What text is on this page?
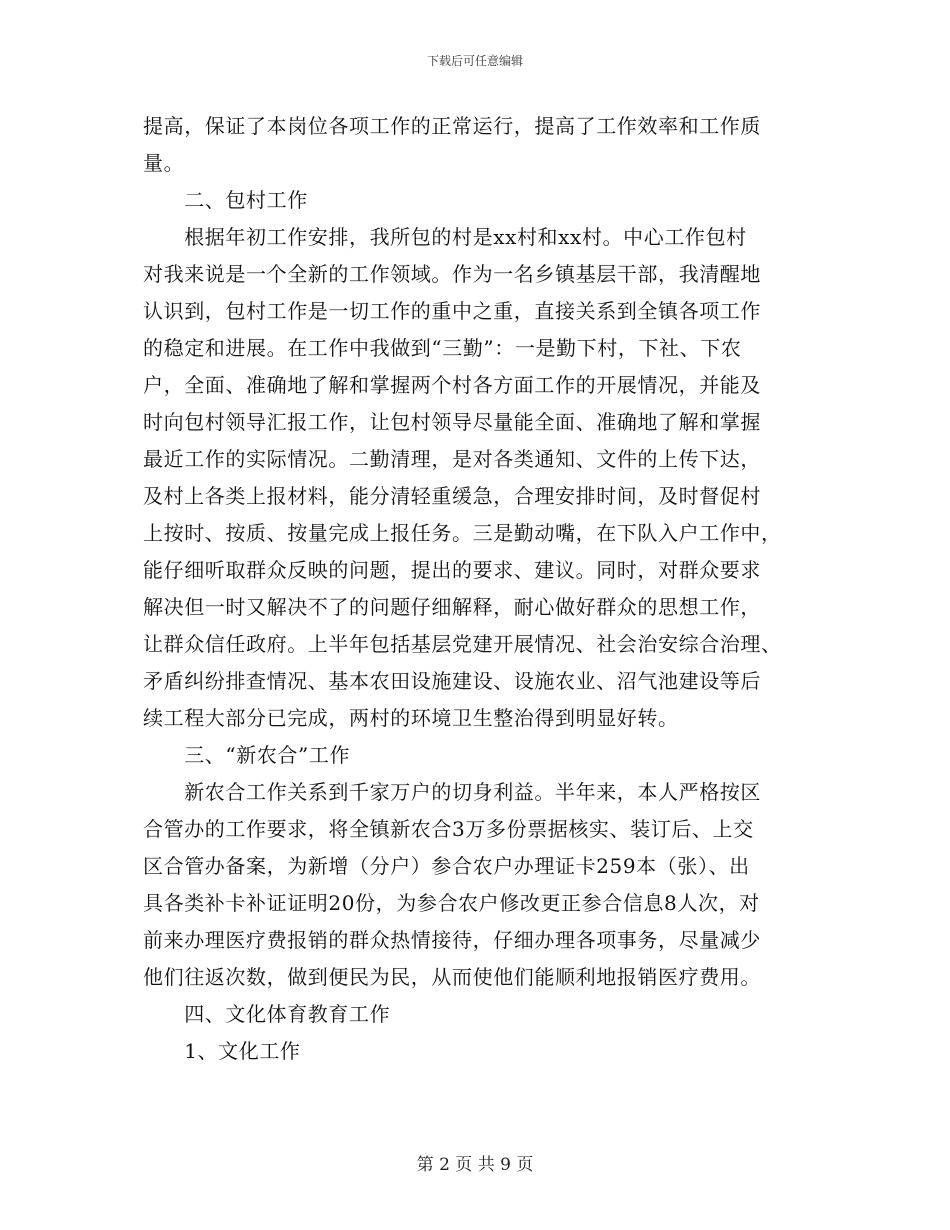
下载后可任意编辑
提高，保证了本岗位各项工作的正常运行，提高了工作效率和工作质
量。
　　二、包村工作
　　根据年初工作安排，我所包的村是xx村和xx村。中心工作包村
对我来说是一个全新的工作领域。作为一名乡镇基层干部，我清醒地
认识到，包村工作是一切工作的重中之重，直接关系到全镇各项工作
的稳定和进展。在工作中我做到“三勤”：一是勤下村，下社、下农
户，全面、准确地了解和掌握两个村各方面工作的开展情况，并能及
时向包村领导汇报工作，让包村领导尽量能全面、准确地了解和掌握
最近工作的实际情况。二勤清理，是对各类通知、文件的上传下达，
及村上各类上报材料，能分清轻重缓急，合理安排时间，及时督促村
上按时、按质、按量完成上报任务。三是勤动嘴，在下队入户工作中，
能仔细听取群众反映的问题，提出的要求、建议。同时，对群众要求
解决但一时又解决不了的问题仔细解释，耐心做好群众的思想工作，
让群众信任政府。上半年包括基层党建开展情况、社会治安综合治理、
矛盾纠纷排查情况、基本农田设施建设、设施农业、沼气池建设等后
续工程大部分已完成，两村的环境卫生整治得到明显好转。
　　三、“新农合”工作
　　新农合工作关系到千家万户的切身利益。半年来，本人严格按区
合管办的工作要求，将全镇新农合3万多份票据核实、装订后、上交
区合管办备案，为新增（分户）参合农户办理证卡259本（张）、出
具各类补卡补证证明20份，为参合农户修改更正参合信息8人次，对
前来办理医疗费报销的群众热情接待，仔细办理各项事务，尽量减少
他们往返次数，做到便民为民，从而使他们能顺利地报销医疗费用。
　　四、文化体育教育工作
　　1、文化工作
第 2 页 共 9 页
